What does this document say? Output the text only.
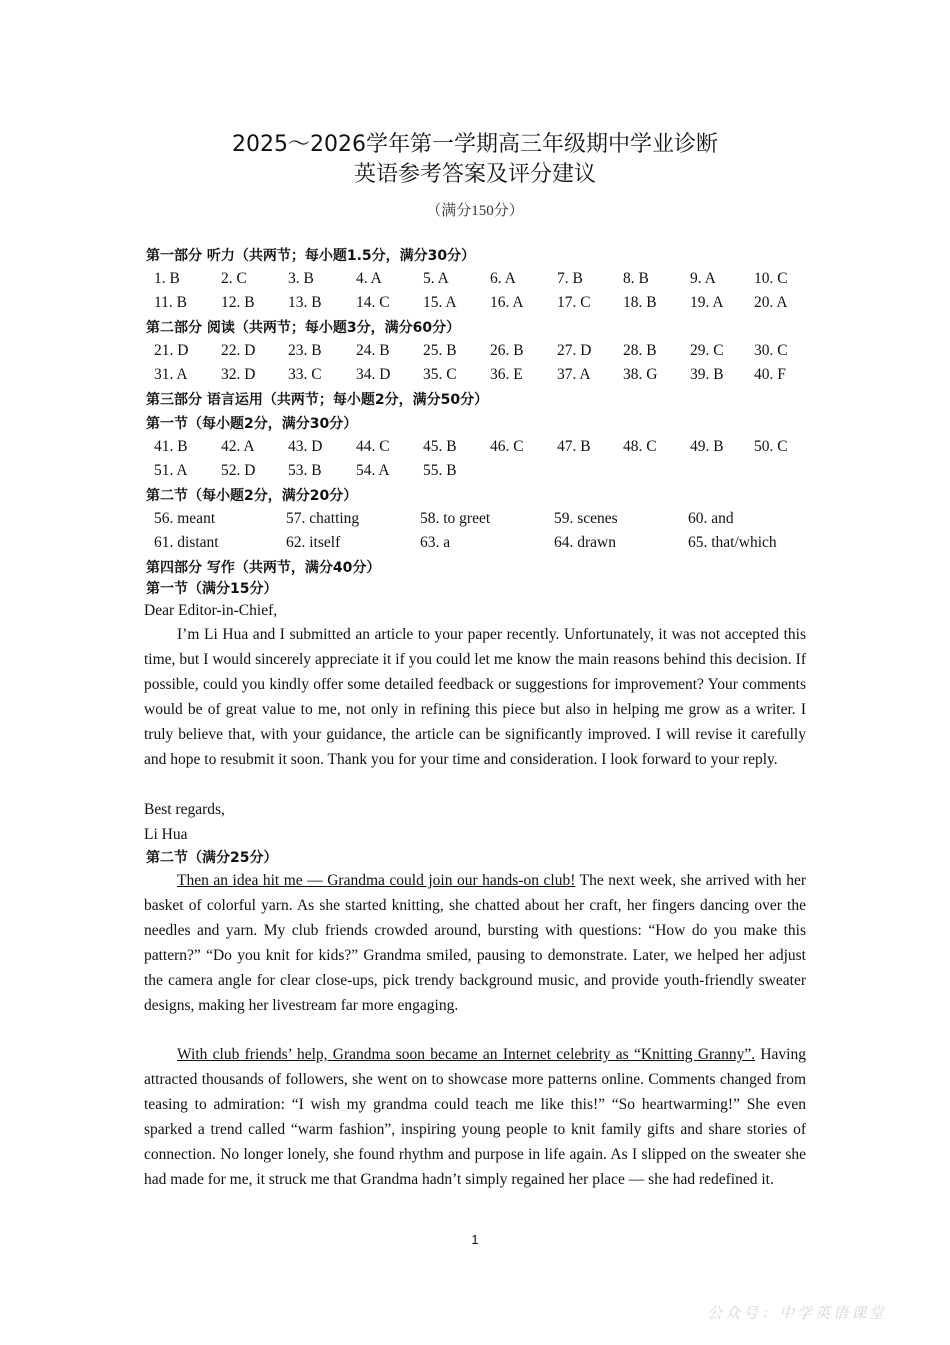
2025～2026学年第一学期高三年级期中学业诊断
英语参考答案及评分建议
（满分150分）
第一部分 听力（共两节；每小题1.5分，满分30分）
1. B	2. C	3. B	4. A	5. A	6. A	7. B	8. B	9. A 10. C
11. B 12. B 13. B 14. C 15. A 16. A 17. C 18. B 19. A 20. A
第二部分 阅读（共两节；每小题3分，满分60分）
21. D 22. D 23. B 24. B 25. B 26. B 27. D 28. B 29. C 30. C
31. A 32. D 33. C 34. D 35. C 36. E 37. A 38. G 39. B 40. F
第三部分 语言运用（共两节；每小题2分，满分50分）
第一节（每小题2分，满分30分）
41. B 42. A 43. D 44. C 45. B 46. C 47. B 48. C 49. B 50. C
51. A 52. D 53. B 54. A 55. B
第二节（每小题2分，满分20分）
56. meant	57. chatting	58. to greet	59. scenes	60. and
61. distant	62. itself	63. a	64. drawn	65. that/which
第四部分 写作（共两节，满分40分）
第一节（满分15分）
Dear Editor-in-Chief,

I’m Li Hua and I submitted an article to your paper recently. Unfortunately, it was not accepted this time, but I would sincerely appreciate it if you could let me know the main reasons behind this decision. If possible, could you kindly offer some detailed feedback or suggestions for improvement? Your comments would be of great value to me, not only in refining this piece but also in helping me grow as a writer. I truly believe that, with your guidance, the article can be significantly improved. I will revise it carefully and hope to resubmit it soon. Thank you for your time and consideration. I look forward to your reply.

Best regards,
Li Hua
第二节（满分25分）

Then an idea hit me — Grandma could join our hands-on club! The next week, she arrived with her basket of colorful yarn. As she started knitting, she chatted about her craft, her fingers dancing over the needles and yarn. My club friends crowded around, bursting with questions: “How do you make this pattern?” “Do you knit for kids?” Grandma smiled, pausing to demonstrate. Later, we helped her adjust the camera angle for clear close-ups, pick trendy background music, and provide youth-friendly sweater designs, making her livestream far more engaging.

With club friends’ help, Grandma soon became an Internet celebrity as “Knitting Granny”. Having attracted thousands of followers, she went on to showcase more patterns online. Comments changed from teasing to admiration: “I wish my grandma could teach me like this!” “So heartwarming!” She even sparked a trend called “warm fashion”, inspiring young people to knit family gifts and share stories of connection. No longer lonely, she found rhythm and purpose in life again. As I slipped on the sweater she had made for me, it struck me that Grandma hadn’t simply regained her place — she had redefined it.

1
公众号：中学英语课堂
